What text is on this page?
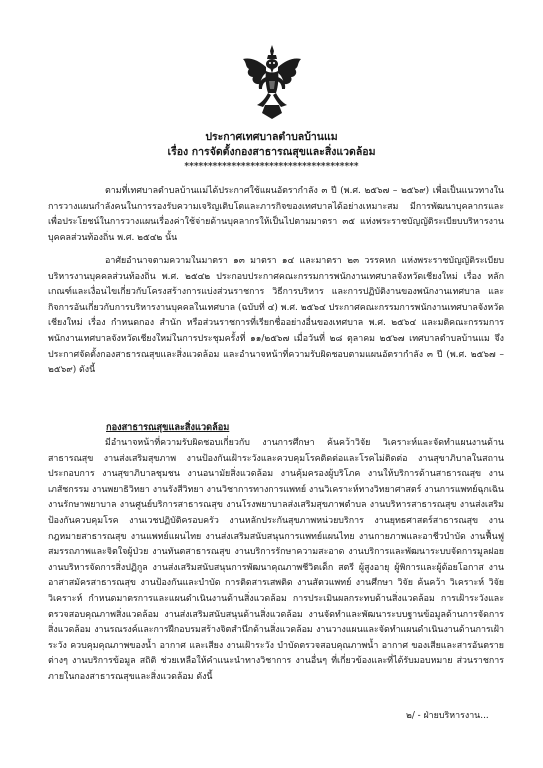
ประกาศเทศบาลตำบลบ้านแม
เรื่อง การจัดตั้งกองสาธารณสุขและสิ่งแวดล้อม
*************************************

ตามที่เทศบาลตำบลบ้านแม่ได้ประกาศใช้แผนอัตรากำลัง ๓ ปี (พ.ศ. ๒๕๖๗ – ๒๕๖๙) เพื่อเป็นแนวทางในการวางแผนกำลังคนในการรองรับความเจริญเติบโตและภารกิจของเทศบาลได้อย่างเหมาะสม มีการพัฒนาบุคลากรและเพื่อประโยชน์ในการวางแผนเรื่องค่าใช้จ่ายด้านบุคลากรให้เป็นไปตามมาตรา ๓๕ แห่งพระราชบัญญัติระเบียบบริหารงานบุคคลส่วนท้องถิ่น พ.ศ. ๒๕๔๒ นั้น

อาศัยอำนาจตามความในมาตรา ๑๓ มาตรา ๑๔ และมาตรา ๒๓ วรรคหก แห่งพระราชบัญญัติระเบียบบริหารงานบุคคลส่วนท้องถิ่น พ.ศ. ๒๕๔๒ ประกอบประกาศคณะกรรมการพนักงานเทศบาลจังหวัดเชียงใหม่ เรื่อง หลักเกณฑ์และเงื่อนไขเกี่ยวกับโครงสร้างการแบ่งส่วนราชการ วิธีการบริหาร และการปฏิบัติงานของพนักงานเทศบาล และกิจการอันเกี่ยวกับการบริหารงานบุคคลในเทศบาล (ฉบับที่ ๔) พ.ศ. ๒๕๖๔ ประกาศคณะกรรมการพนักงานเทศบาลจังหวัดเชียงใหม่ เรื่อง กำหนดกอง สำนัก หรือส่วนราชการที่เรียกชื่ออย่างอื่นของเทศบาล พ.ศ. ๒๕๖๔ และมติคณะกรรมการพนักงานเทศบาลจังหวัดเชียงใหม่ในการประชุมครั้งที่ ๑๑/๒๕๖๗ เมื่อวันที่ ๒๘ ตุลาคม ๒๕๖๗ เทศบาลตำบลบ้านแม จึงประกาศจัดตั้งกองสาธารณสุขและสิ่งแวดล้อม และอำนาจหน้าที่ความรับผิดชอบตามแผนอัตรากำลัง ๓ ปี (พ.ศ. ๒๕๖๗ – ๒๕๖๙) ดังนี้

กองสาธารณสุขและสิ่งแวดล้อม

มีอำนาจหน้าที่ความรับผิดชอบเกี่ยวกับ งานการศึกษา ค้นคว้าวิจัย วิเคราะห์และจัดทำแผนงานด้านสาธารณสุข งานส่งเสริมสุขภาพ งานป้องกันเฝ้าระวังและควบคุมโรคติดต่อและโรคไม่ติดต่อ งานสุขาภิบาลในสถานประกอบการ งานสุขาภิบาลชุมชน งานอนามัยสิ่งแวดล้อม งานคุ้มครองผู้บริโภค งานให้บริการด้านสาธารณสุข งานเภสัชกรรม งานพยาธิวิทยา งานรังสีวิทยา งานวิชาการทางการแพทย์ งานวิเคราะห์ทางวิทยาศาสตร์ งานการแพทย์ฉุกเฉิน งานรักษาพยาบาล งานศูนย์บริการสาธารณสุข งานโรงพยาบาลส่งเสริมสุขภาพตำบล งานบริหารสาธารณสุข งานส่งเสริมป้องกันควบคุมโรค งานเวชปฏิบัติครอบครัว งานหลักประกันสุขภาพหน่วยบริการ งานยุทธศาสตร์สาธารณสุข งานกฎหมายสาธารณสุข งานแพทย์แผนไทย งานส่งเสริมสนับสนุนการแพทย์แผนไทย งานกายภาพและอาชีวบำบัด งานฟื้นฟูสมรรถภาพและจิตใจผู้ป่วย งานทันตสาธารณสุข งานบริการรักษาความสะอาด งานบริการและพัฒนาระบบจัดการมูลฝอย งานบริหารจัดการสิ่งปฏิกูล งานส่งเสริมสนับสนุนการพัฒนาคุณภาพชีวิตเด็ก สตรี ผู้สูงอายุ ผู้พิการและผู้ด้อยโอกาส งานอาสาสมัครสาธารณสุข งานป้องกันและบำบัด การติดสารเสพติด งานสัตวแพทย์ งานศึกษา วิจัย ค้นคว้า วิเคราะห์ วิจัย วิเคราะห์ กำหนดมาตรการและแผนดำเนินงานด้านสิ่งแวดล้อม การประเมินผลกระทบด้านสิ่งแวดล้อม การเฝ้าระวังและตรวจสอบคุณภาพสิ่งแวดล้อม งานส่งเสริมสนับสนุนด้านสิ่งแวดล้อม งานจัดทำและพัฒนาระบบฐานข้อมูลด้านการจัดการสิ่งแวดล้อม งานรณรงค์และการฝึกอบรมสร้างจิตสำนึกด้านสิ่งแวดล้อม งานวางแผนและจัดทำแผนดำเนินงานด้านการเฝ้าระวัง ควบคุมคุณภาพของน้ำ อากาศ และเสียง งานเฝ้าระวัง บำบัดตรวจสอบคุณภาพน้ำ อากาศ ของเสียและสารอันตรายต่างๆ งานบริการข้อมูล สถิติ ช่วยเหลือให้คำแนะนำทางวิชาการ งานอื่นๆ ที่เกี่ยวข้องและที่ได้รับมอบหมาย ส่วนราชการภายในกองสาธารณสุขและสิ่งแวดล้อม ดังนี้

๒/ - ฝ่ายบริหารงาน...
